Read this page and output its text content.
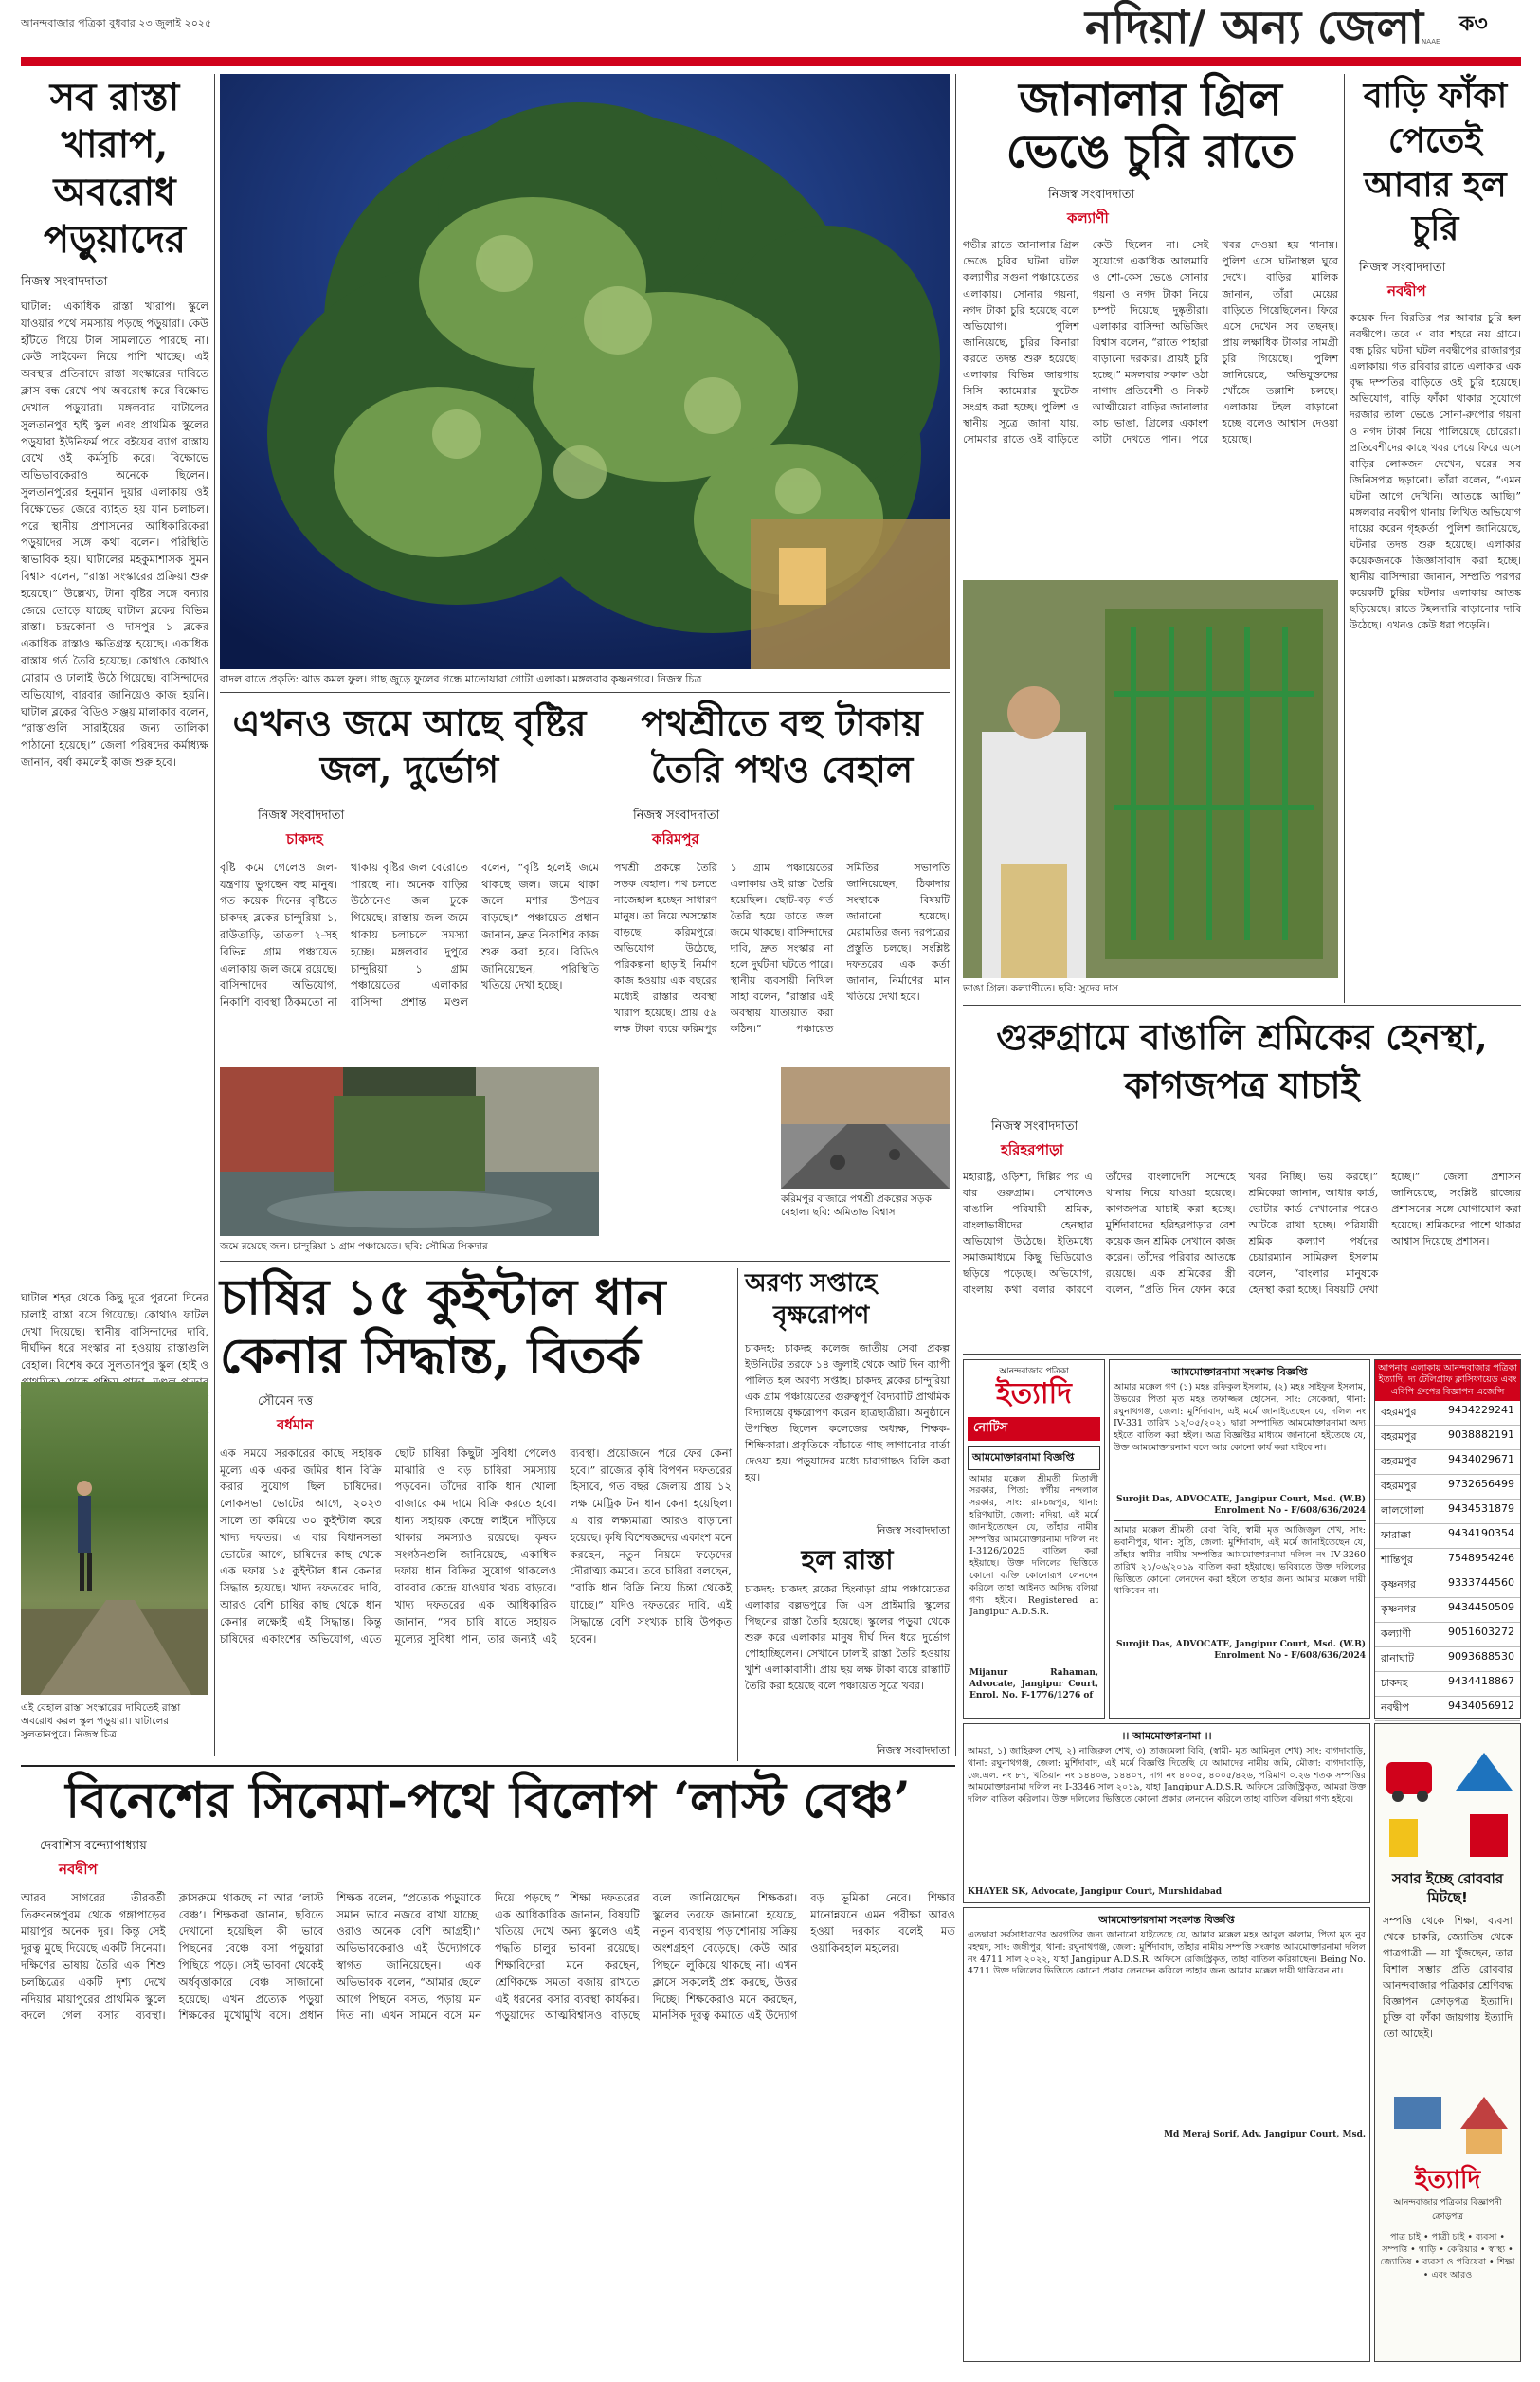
আনন্দবাজার পত্রিকা বুধবার ২৩ জুলাই ২০২৫	নদিয়া/ অন্য জেলা
NAAE
ক৩
সব রাস্তা খারাপ, অবরোধ পড়ুয়াদের
নিজস্ব সংবাদদাতা
ঘাটাল: একাধিক রাস্তা খারাপ। স্কুলে যাওয়ার পথে সমস্যায় পড়ছে পড়ুয়ারা। কেউ হাঁটতে গিয়ে টাল সামলাতে পারছে না। কেউ সাইকেল নিয়ে পাশি খাচ্ছে। এই অবস্থার প্রতিবাদে রাস্তা সংস্কারের দাবিতে ক্লাস বন্ধ রেখে পথ অবরোধ করে বিক্ষোভ দেখাল পড়ুয়ারা। মঙ্গলবার ঘাটালের সুলতানপুর হাই স্কুল এবং প্রাথমিক স্কুলের পড়ুয়ারা ইউনিফর্ম পরে বইয়ের ব্যাগ রাস্তায় রেখে ওই কর্মসূচি করে। বিক্ষোভে অভিভাবকেরাও অনেকে ছিলেন। সুলতানপুরের হনুমান দুয়ার এলাকায় ওই বিক্ষোভের জেরে ব্যাহত হয় যান চলাচল। পরে স্থানীয় প্রশাসনের আধিকারিকেরা পড়ুয়াদের সঙ্গে কথা বলেন। পরিস্থিতি স্বাভাবিক হয়। ঘাটালের মহকুমাশাসক সুমন বিশ্বাস বলেন, “রাস্তা সংস্কারের প্রক্রিয়া শুরু হয়েছে।” উল্লেখ্য, টানা বৃষ্টির সঙ্গে বন্যার জেরে তোড়ে যাচ্ছে ঘাটাল ব্লকের বিভিন্ন রাস্তা। চন্দ্রকোনা ও দাসপুর ১ ব্লকের একাধিক রাস্তাও ক্ষতিগ্রস্ত হয়েছে। একাধিক রাস্তায় গর্ত তৈরি হয়েছে। কোথাও কোথাও মোরাম ও ঢালাই উঠে গিয়েছে। বাসিন্দাদের অভিযোগ, বারবার জানিয়েও কাজ হয়নি। ঘাটাল ব্লকের বিডিও সঞ্জয় মালাকার বলেন, “রাস্তাগুলি সারাইয়ের জন্য তালিকা পাঠানো হয়েছে।” জেলা পরিষদের কর্মাধ্যক্ষ জানান, বর্ষা কমলেই কাজ শুরু হবে।
ঘাটাল শহর থেকে কিছু দূরে পুরনো দিনের চালাই রাস্তা বসে গিয়েছে। কোথাও ফাটল দেখা দিয়েছে। স্থানীয় বাসিন্দাদের দাবি, দীর্ঘদিন ধরে সংস্কার না হওয়ায় রাস্তাগুলি বেহাল। বিশেষ করে সুলতানপুর স্কুল (হাই ও
এই বেহাল রাস্তা সংস্কারের দাবিতেই রাস্তা অবরোধ করল স্কুল পড়ুয়ারা। ঘাটালের সুলতানপুরে। নিজস্ব চিত্র
বাদল রাতে প্রকৃতি: ঝাড় কমল ফুল। গাছ জুড়ে ফুলের গন্ধে মাতোয়ারা গোটা এলাকা। মঙ্গলবার কৃষ্ণনগরে। নিজস্ব চিত্র
এখনও জমে আছে বৃষ্টির জল, দুর্ভোগ
নিজস্ব সংবাদদাতা
চাকদহ
বৃষ্টি কমে গেলেও জল-যন্ত্রণায় ভুগছেন বহু মানুষ। গত কয়েক দিনের বৃষ্টিতে চাকদহ ব্লকের চান্দুরিয়া ১, রাউতাড়ি, তাতলা ২-সহ বিভিন্ন গ্রাম পঞ্চায়েত এলাকায় জল জমে রয়েছে। বাসিন্দাদের অভিযোগ, নিকাশি ব্যবস্থা ঠিকমতো না থাকায় বৃষ্টির জল বেরোতে পারছে না। অনেক বাড়ির উঠোনেও জল ঢুকে গিয়েছে। রাস্তায় জল জমে থাকায় চলাচলে সমস্যা হচ্ছে। মঙ্গলবার দুপুরে চান্দুরিয়া ১ গ্রাম পঞ্চায়েতের এলাকার বাসিন্দা প্রশান্ত মণ্ডল বলেন, “বৃষ্টি হলেই জমে থাকছে জল। জমে থাকা জলে মশার উপদ্রব বাড়ছে।” পঞ্চায়েত প্রধান জানান, দ্রুত নিকাশির কাজ শুরু করা হবে। বিডিও জানিয়েছেন, পরিস্থিতি খতিয়ে দেখা হচ্ছে।
জমে রয়েছে জল। চান্দুরিয়া ১ গ্রাম পঞ্চায়েতে। ছবি: সৌমিত্র সিকদার
পথশ্রীতে বহু টাকায় তৈরি পথও বেহাল
নিজস্ব সংবাদদাতা
করিমপুর
পথশ্রী প্রকল্পে তৈরি সড়ক বেহাল। পথ চলতে নাজেহাল হচ্ছেন সাধারণ মানুষ। তা নিয়ে অসন্তোষ বাড়ছে করিমপুরে। অভিযোগ উঠেছে, পরিকল্পনা ছাড়াই নির্মাণ কাজ হওয়ায় এক বছরের মধ্যেই রাস্তার অবস্থা খারাপ হয়েছে। প্রায় ৫৯ লক্ষ টাকা ব্যয়ে করিমপুর ১ গ্রাম পঞ্চায়েতের এলাকায় ওই রাস্তা তৈরি হয়েছিল। ছোট-বড় গর্ত তৈরি হয়ে তাতে জল জমে থাকছে। বাসিন্দাদের দাবি, দ্রুত সংস্কার না হলে দুর্ঘটনা ঘটতে পারে। স্থানীয় ব্যবসায়ী নিখিল সাহা বলেন, “রাস্তার এই অবস্থায় যাতায়াত করা কঠিন।” পঞ্চায়েত সমিতির সভাপতি জানিয়েছেন, ঠিকাদার সংস্থাকে বিষয়টি জানানো হয়েছে। মেরামতির জন্য দরপত্রের প্রস্তুতি চলছে। সংশ্লিষ্ট দফতরের এক কর্তা জানান, নির্মাণের মান খতিয়ে দেখা হবে।
করিমপুর বাজারে পথশ্রী প্রকল্পের সড়ক বেহাল। ছবি: অমিতাভ বিশ্বাস
চাষির ১৫ কুইন্টাল ধান
কেনার সিদ্ধান্ত, বিতর্ক
সৌমেন দত্ত
বর্ধমান
এক সময়ে সরকারের কাছে সহায়ক মূল্যে এক একর জমির ধান বিক্রি করার সুযোগ ছিল চাষিদের। লোকসভা ভোটের আগে, ২০২৩ সালে তা কমিয়ে ৩০ কুইন্টাল করে খাদ্য দফতর। এ বার বিধানসভা ভোটের আগে, চাষিদের কাছ থেকে এক দফায় ১৫ কুইন্টাল ধান কেনার সিদ্ধান্ত হয়েছে। খাদ্য দফতরের দাবি, আরও বেশি চাষির কাছ থেকে ধান কেনার লক্ষ্যেই এই সিদ্ধান্ত। কিন্তু চাষিদের একাংশের অভিযোগ, এতে ছোট চাষিরা কিছুটা সুবিধা পেলেও মাঝারি ও বড় চাষিরা সমস্যায় পড়বেন। তাঁদের বাকি ধান খোলা বাজারে কম দামে বিক্রি করতে হবে। ধান্য সহায়ক কেন্দ্রে লাইনে দাঁড়িয়ে থাকার সমস্যাও রয়েছে। কৃষক সংগঠনগুলি জানিয়েছে, একাধিক দফায় ধান বিক্রির সুযোগ থাকলেও বারবার কেন্দ্রে যাওয়ার খরচ বাড়বে। খাদ্য দফতরের এক আধিকারিক জানান, “সব চাষি যাতে সহায়ক মূল্যের সুবিধা পান, তার জন্যই এই ব্যবস্থা। প্রয়োজনে পরে ফের কেনা হবে।” রাজ্যের কৃষি বিপণন দফতরের হিসাবে, গত বছর জেলায় প্রায় ১২ লক্ষ মেট্রিক টন ধান কেনা হয়েছিল। এ বার লক্ষ্যমাত্রা আরও বাড়ানো হয়েছে। কৃষি বিশেষজ্ঞদের একাংশ মনে করছেন, নতুন নিয়মে ফড়েদের দৌরাত্ম্য কমবে। তবে চাষিরা বলছেন, “বাকি ধান বিক্রি নিয়ে চিন্তা থেকেই যাচ্ছে।” যদিও দফতরের দাবি, এই সিদ্ধান্তে বেশি সংখ্যক চাষি উপকৃত হবেন।
অরণ্য সপ্তাহে
বৃক্ষরোপণ
চাকদহ: চাকদহ কলেজ জাতীয় সেবা প্রকল্প ইউনিটের তরফে ১৪ জুলাই থেকে আট দিন ব্যাপী পালিত হল অরণ্য সপ্তাহ। চাকদহ ব্লকের চান্দুরিয়া এক গ্রাম পঞ্চায়েতের গুরুত্বপূর্ণ বৈদ্যবাটি প্রাথমিক বিদ্যালয়ে বৃক্ষরোপণ করেন ছাত্রছাত্রীরা। অনুষ্ঠানে উপস্থিত ছিলেন কলেজের অধ্যক্ষ, শিক্ষক-শিক্ষিকারা। প্রকৃতিকে বাঁচাতে গাছ লাগানোর বার্তা দেওয়া হয়। পড়ুয়াদের মধ্যে চারাগাছও বিলি করা হয়।
নিজস্ব সংবাদদাতা
হল রাস্তা
চাকদহ: চাকদহ ব্লকের হিংনাড়া গ্রাম পঞ্চায়েতের এলাকার বল্লভপুরে জি এস প্রাইমারি স্কুলের পিছনের রাস্তা তৈরি হয়েছে। স্কুলের পড়ুয়া থেকে শুরু করে এলাকার মানুষ দীর্ঘ দিন ধরে দুর্ভোগ পোহাচ্ছিলেন। সেখানে ঢালাই রাস্তা তৈরি হওয়ায় খুশি এলাকাবাসী। প্রায় ছয় লক্ষ টাকা ব্যয়ে রাস্তাটি তৈরি করা হয়েছে বলে পঞ্চায়েত সূত্রে খবর।
নিজস্ব সংবাদদাতা
জানালার গ্রিল
ভেঙে চুরি রাতে
নিজস্ব সংবাদদাতা
কল্যাণী
গভীর রাতে জানালার গ্রিল ভেঙে চুরির ঘটনা ঘটল কল্যাণীর সগুনা পঞ্চায়েতের এলাকায়। সোনার গয়না, নগদ টাকা চুরি হয়েছে বলে অভিযোগ। পুলিশ জানিয়েছে, চুরির কিনারা করতে তদন্ত শুরু হয়েছে। এলাকার বিভিন্ন জায়গায় সিসি ক্যামেরার ফুটেজ সংগ্রহ করা হচ্ছে। পুলিশ ও স্থানীয় সূত্রে জানা যায়, সোমবার রাতে ওই বাড়িতে কেউ ছিলেন না। সেই সুযোগে একাধিক আলমারি ও শো-কেস ভেঙে সোনার গয়না ও নগদ টাকা নিয়ে চম্পট দিয়েছে দুষ্কৃতীরা। এলাকার বাসিন্দা অভিজিৎ বিশ্বাস বলেন, “রাতে পাহারা বাড়ানো দরকার। প্রায়ই চুরি হচ্ছে।” মঙ্গলবার সকাল ওঠা নাগাদ প্রতিবেশী ও নিকট আত্মীয়েরা বাড়ির জানালার কাচ ভাঙা, গ্রিলের একাংশ কাটা দেখতে পান। পরে খবর দেওয়া হয় থানায়। পুলিশ এসে ঘটনাস্থল ঘুরে দেখে। বাড়ির মালিক জানান, তাঁরা মেয়ের বাড়িতে গিয়েছিলেন। ফিরে এসে দেখেন সব তছনছ। প্রায় লক্ষাধিক টাকার সামগ্রী চুরি গিয়েছে। পুলিশ জানিয়েছে, অভিযুক্তদের খোঁজে তল্লাশি চলছে। এলাকায় টহল বাড়ানো হচ্ছে বলেও আশ্বাস দেওয়া হয়েছে।
ভাঙা গ্রিল। কল্যাণীতে। ছবি: সুদেব দাস
বাড়ি ফাঁকা পেতেই আবার হল চুরি
নিজস্ব সংবাদদাতা
নবদ্বীপ
কয়েক দিন বিরতির পর আবার চুরি হল নবদ্বীপে। তবে এ বার শহরে নয় গ্রামে। বন্ধ চুরির ঘটনা ঘটল নবদ্বীপের রাজারপুর এলাকায়। গত রবিবার রাতে এলাকার এক বৃদ্ধ দম্পতির বাড়িতে ওই চুরি হয়েছে। অভিযোগ, বাড়ি ফাঁকা থাকার সুযোগে দরজার তালা ভেঙে সোনা-রুপোর গয়না ও নগদ টাকা নিয়ে পালিয়েছে চোরেরা। প্রতিবেশীদের কাছে খবর পেয়ে ফিরে এসে বাড়ির লোকজন দেখেন, ঘরের সব জিনিসপত্র ছড়ানো। তাঁরা বলেন, “এমন ঘটনা আগে দেখিনি। আতঙ্কে আছি।” মঙ্গলবার নবদ্বীপ থানায় লিখিত অভিযোগ দায়ের করেন গৃহকর্তা। পুলিশ জানিয়েছে, ঘটনার তদন্ত শুরু হয়েছে। এলাকার কয়েকজনকে জিজ্ঞাসাবাদ করা হচ্ছে। স্থানীয় বাসিন্দারা জানান, সম্প্রতি পরপর কয়েকটি চুরির ঘটনায় এলাকায় আতঙ্ক ছড়িয়েছে। রাতে টহলদারি বাড়ানোর দাবি উঠেছে। এখনও কেউ ধরা পড়েনি।
গুরুগ্রামে বাঙালি শ্রমিকের হেনস্থা, কাগজপত্র যাচাই
নিজস্ব সংবাদদাতা
হরিহরপাড়া
মহারাষ্ট্র, ওড়িশা, দিল্লির পর এ বার গুরুগ্রাম। সেখানেও বাঙালি পরিযায়ী শ্রমিক, বাংলাভাষীদের হেনস্থার অভিযোগ উঠেছে। ইতিমধ্যে সমাজমাধ্যমে কিছু ভিডিয়োও ছড়িয়ে পড়েছে। অভিযোগ, বাংলায় কথা বলার কারণে তাঁদের বাংলাদেশি সন্দেহে থানায় নিয়ে যাওয়া হয়েছে। কাগজপত্র যাচাই করা হচ্ছে। মুর্শিদাবাদের হরিহরপাড়ার বেশ কয়েক জন শ্রমিক সেখানে কাজ করেন। তাঁদের পরিবার আতঙ্কে রয়েছে। এক শ্রমিকের স্ত্রী বলেন, “প্রতি দিন ফোন করে খবর নিচ্ছি। ভয় করছে।” শ্রমিকেরা জানান, আধার কার্ড, ভোটার কার্ড দেখানোর পরেও আটকে রাখা হচ্ছে। পরিযায়ী শ্রমিক কল্যাণ পর্ষদের চেয়ারম্যান সামিরুল ইসলাম বলেন, “বাংলার মানুষকে হেনস্থা করা হচ্ছে। বিষয়টি দেখা হচ্ছে।” জেলা প্রশাসন জানিয়েছে, সংশ্লিষ্ট রাজ্যের প্রশাসনের সঙ্গে যোগাযোগ করা হয়েছে। শ্রমিকদের পাশে থাকার আশ্বাস দিয়েছে প্রশাসন।
আনন্দবাজার পত্রিকা
ইত্যাদি
নোটিস
আমমোক্তারনামা বিজ্ঞপ্তি
আমার মক্কেল শ্রীমতী মিতালী সরকার, পিতা: স্বর্গীয় নন্দলাল সরকার, সাং: রামচন্দ্রপুর, থানা: হরিণঘাটা, জেলা: নদিয়া, এই মর্মে জানাইতেছেন যে, তাঁহার নামীয় সম্পত্তির আমমোক্তারনামা দলিল নং I-3126/2025 বাতিল করা হইয়াছে। উক্ত দলিলের ভিত্তিতে কোনো ব্যক্তি কোনোরূপ লেনদেন করিলে তাহা আইনত অসিদ্ধ বলিয়া গণ্য হইবে। Registered at Jangipur A.D.S.R.
Mijanur Rahaman, Advocate, Jangipur Court, Enrol. No. F-1776/1276 of
আমমোক্তারনামা সংক্রান্ত বিজ্ঞপ্তি
আমার মক্কেল গণ (১) মহঃ রফিকুল ইসলাম, (২) মহঃ সাইফুল ইসলাম, উভয়ের পিতা মৃত মহঃ তফাজ্জল হোসেন, সাং: সেকেন্দ্রা, থানা: রঘুনাথগঞ্জ, জেলা: মুর্শিদাবাদ, এই মর্মে জানাইতেছেন যে, দলিল নং IV-331 তারিখ ১২/০৫/২০২১ দ্বারা সম্পাদিত আমমোক্তারনামা অদ্য হইতে বাতিল করা হইল। অত্র বিজ্ঞপ্তির মাধ্যমে জানানো হইতেছে যে, উক্ত আমমোক্তারনামা বলে আর কোনো কার্য করা যাইবে না।
Surojit Das, ADVOCATE, Jangipur Court, Msd. (W.B) Enrolment No - F/608/636/2024
আমার মক্কেল শ্রীমতী রেবা বিবি, স্বামী মৃত আজিজুল শেখ, সাং: ভবানীপুর, থানা: সুতি, জেলা: মুর্শিদাবাদ, এই মর্মে জানাইতেছেন যে, তাঁহার স্বামীর নামীয় সম্পত্তির আমমোক্তারনামা দলিল নং IV-3260 তারিখ ২১/০৬/২০১৯ বাতিল করা হইয়াছে। ভবিষ্যতে উক্ত দলিলের ভিত্তিতে কোনো লেনদেন করা হইলে তাহার জন্য আমার মক্কেল দায়ী থাকিবেন না।
Surojit Das, ADVOCATE, Jangipur Court, Msd. (W.B) Enrolment No - F/608/636/2024
আপনার এলাকায় আনন্দবাজার পত্রিকা ইত্যাদি, দ্য টেলিগ্রাফ ক্লাসিফায়েড এবং এবিপি গ্রুপের বিজ্ঞাপন এজেন্সি
বহরমপুর	9434229241
বহরমপুর	9038882191
বহরমপুর	9434029671
বহরমপুর	9732656499
লালগোলা 9434531879
ফারাক্কা	9434190354
শান্তিপুর	7548954246
কৃষ্ণনগর	9333744560
কৃষ্ণনগর	9434450509
কল্যাণী	9051603272
রানাঘাট	9093688530
চাকদহ	9434418867
নবদ্বীপ	9434056912
।। আমমোক্তারনামা ।।
আমরা, ১) জাহিরুল শেখ, ২) নাজিরুল শেখ, ৩) তাজমেলা বিবি, (স্বামী- মৃত আমিনুল শেখ) সাং: বাগদাবাড়ি, থানা: রঘুনাথগঞ্জ, জেলা: মুর্শিদাবাদ, এই মর্মে বিজ্ঞপ্তি দিতেছি যে আমাদের নামীয় জমি, মৌজা: বাগদাবাড়ি, জে.এল. নং ৮৭, খতিয়ান নং ১৪৪০৬, ১৪৪০৭, দাগ নং ৪০০৫, ৪০০৫/৪২৬, পরিমাণ ০.২৬ শতক সম্পত্তির আমমোক্তারনামা দলিল নং I-3346 সাল ২০১৯, যাহা Jangipur A.D.S.R. অফিসে রেজিস্ট্রিকৃত, আমরা উক্ত দলিল বাতিল করিলাম। উক্ত দলিলের ভিত্তিতে কোনো প্রকার লেনদেন করিলে তাহা বাতিল বলিয়া গণ্য হইবে।
KHAYER SK, Advocate, Jangipur Court, Murshidabad
আমমোক্তারনামা সংক্রান্ত বিজ্ঞপ্তি
এতদ্বারা সর্বসাধারণের অবগতির জন্য জানানো যাইতেছে যে, আমার মক্কেল মহঃ আবুল কালাম, পিতা মৃত নুর মহম্মদ, সাং: জঙ্গীপুর, থানা: রঘুনাথগঞ্জ, জেলা: মুর্শিদাবাদ, তাঁহার নামীয় সম্পত্তি সংক্রান্ত আমমোক্তারনামা দলিল নং 4711 সাল ২০২২, যাহা Jangipur A.D.S.R. অফিসে রেজিস্ট্রিকৃত, তাহা বাতিল করিয়াছেন। Being No. 4711 উক্ত দলিলের ভিত্তিতে কোনো প্রকার লেনদেন করিলে তাহার জন্য আমার মক্কেল দায়ী থাকিবেন না।
Md Meraj Sorif, Adv. Jangipur Court, Msd.
সবার ইচ্ছে রোববার মিটছে!
সম্পত্তি থেকে শিক্ষা, ব্যবসা থেকে চাকরি, জ্যোতিষ থেকে পাত্রপাত্রী — যা খুঁজছেন, তার বিশাল সম্ভার প্রতি রোববার আনন্দবাজার পত্রিকার শ্রেণিবদ্ধ বিজ্ঞাপন ক্রোড়পত্র ইত্যাদি। চুক্তি বা ফাঁকা জায়গায় ইত্যাদি তো আছেই।
ইত্যাদি
আনন্দবাজার পত্রিকার বিজ্ঞাপনী ক্রোড়পত্র
পাত্র চাই • পাত্রী চাই • ব্যবসা • সম্পত্তি • গাড়ি • কেরিয়ার • স্বাস্থ্য • জ্যোতিষ • ব্যবসা ও পরিষেবা • শিক্ষা • এবং আরও
বিনেশের সিনেমা-পথে বিলোপ ‘লাস্ট বেঞ্চ’
দেবাশিস বন্দ্যোপাধ্যায়
নবদ্বীপ
আরব সাগরের তীরবর্তী তিরুবনন্তপুরম থেকে গঙ্গাপাড়ের মায়াপুর অনেক দূর। কিন্তু সেই দূরত্ব মুছে দিয়েছে একটি সিনেমা। দক্ষিণের ভাষায় তৈরি এক শিশু চলচ্চিত্রের একটি দৃশ্য দেখে নদিয়ার মায়াপুরের প্রাথমিক স্কুলে বদলে গেল বসার ব্যবস্থা। ক্লাসরুমে থাকছে না আর ‘লাস্ট বেঞ্চ’। শিক্ষকরা জানান, ছবিতে দেখানো হয়েছিল কী ভাবে পিছনের বেঞ্চে বসা পড়ুয়ারা পিছিয়ে পড়ে। সেই ভাবনা থেকেই অর্ধবৃত্তাকারে বেঞ্চ সাজানো হয়েছে। এখন প্রত্যেক পড়ুয়া শিক্ষকের মুখোমুখি বসে। প্রধান শিক্ষক বলেন, “প্রত্যেক পড়ুয়াকে সমান ভাবে নজরে রাখা যাচ্ছে। ওরাও অনেক বেশি আগ্রহী।” অভিভাবকেরাও এই উদ্যোগকে স্বাগত জানিয়েছেন। এক অভিভাবক বলেন, “আমার ছেলে আগে পিছনে বসত, পড়ায় মন দিত না। এখন সামনে বসে মন দিয়ে পড়ছে।” শিক্ষা দফতরের এক আধিকারিক জানান, বিষয়টি খতিয়ে দেখে অন্য স্কুলেও এই পদ্ধতি চালুর ভাবনা রয়েছে। শিক্ষাবিদেরা মনে করছেন, শ্রেণিকক্ষে সমতা বজায় রাখতে এই ধরনের বসার ব্যবস্থা কার্যকর। পড়ুয়াদের আত্মবিশ্বাসও বাড়ছে বলে জানিয়েছেন শিক্ষকরা। স্কুলের তরফে জানানো হয়েছে, নতুন ব্যবস্থায় পড়াশোনায় সক্রিয় অংশগ্রহণ বেড়েছে। কেউ আর পিছনে লুকিয়ে থাকছে না। এখন ক্লাসে সকলেই প্রশ্ন করছে, উত্তর দিচ্ছে। শিক্ষকেরাও মনে করছেন, মানসিক দূরত্ব কমাতে এই উদ্যোগ বড় ভূমিকা নেবে। শিক্ষার মানোন্নয়নে এমন পরীক্ষা আরও হওয়া দরকার বলেই মত ওয়াকিবহাল মহলের।
